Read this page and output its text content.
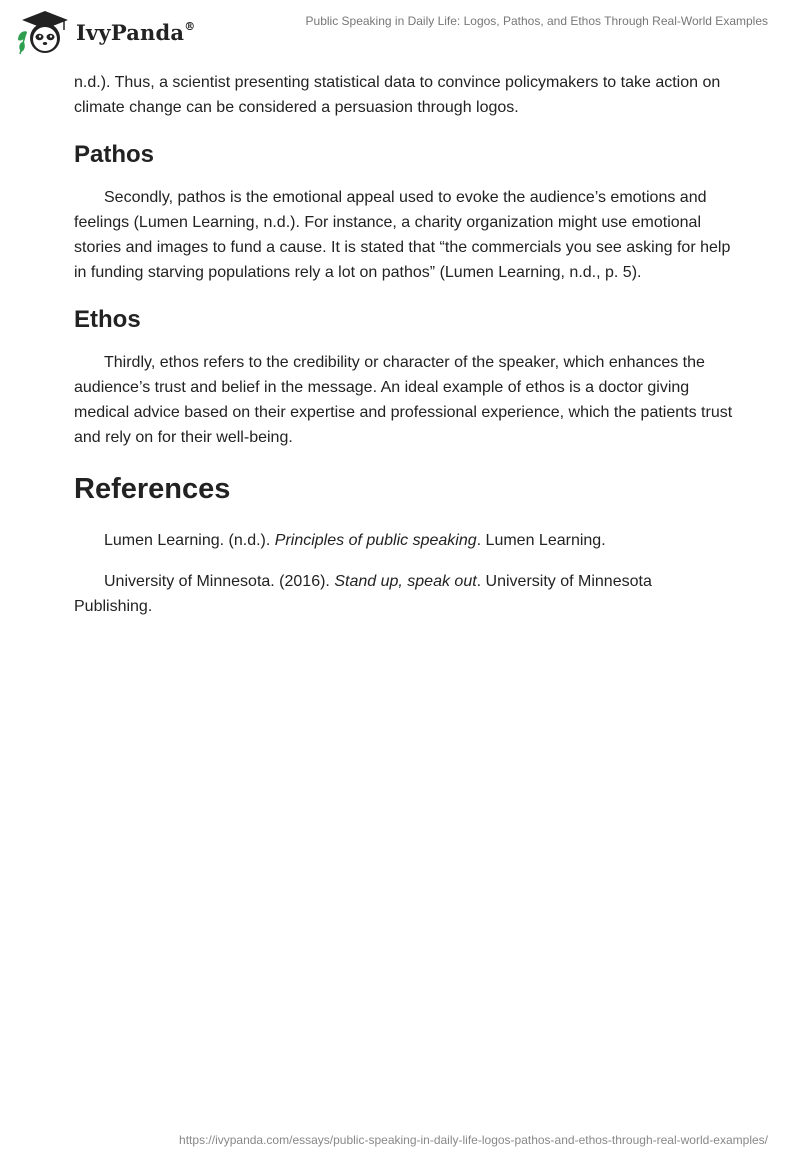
IvyPanda®	Public Speaking in Daily Life: Logos, Pathos, and Ethos Through Real-World Examples

n.d.). Thus, a scientist presenting statistical data to convince policymakers to take action on climate change can be considered a persuasion through logos.

Pathos

Secondly, pathos is the emotional appeal used to evoke the audience’s emotions and feelings (Lumen Learning, n.d.). For instance, a charity organization might use emotional stories and images to fund a cause. It is stated that “the commercials you see asking for help in funding starving populations rely a lot on pathos” (Lumen Learning, n.d., p. 5).

Ethos

Thirdly, ethos refers to the credibility or character of the speaker, which enhances the audience’s trust and belief in the message. An ideal example of ethos is a doctor giving medical advice based on their expertise and professional experience, which the patients trust and rely on for their well-being.

References

Lumen Learning. (n.d.). Principles of public speaking. Lumen Learning.

University of Minnesota. (2016). Stand up, speak out. University of Minnesota Publishing.

https://ivypanda.com/essays/public-speaking-in-daily-life-logos-pathos-and-ethos-through-real-world-examples/
